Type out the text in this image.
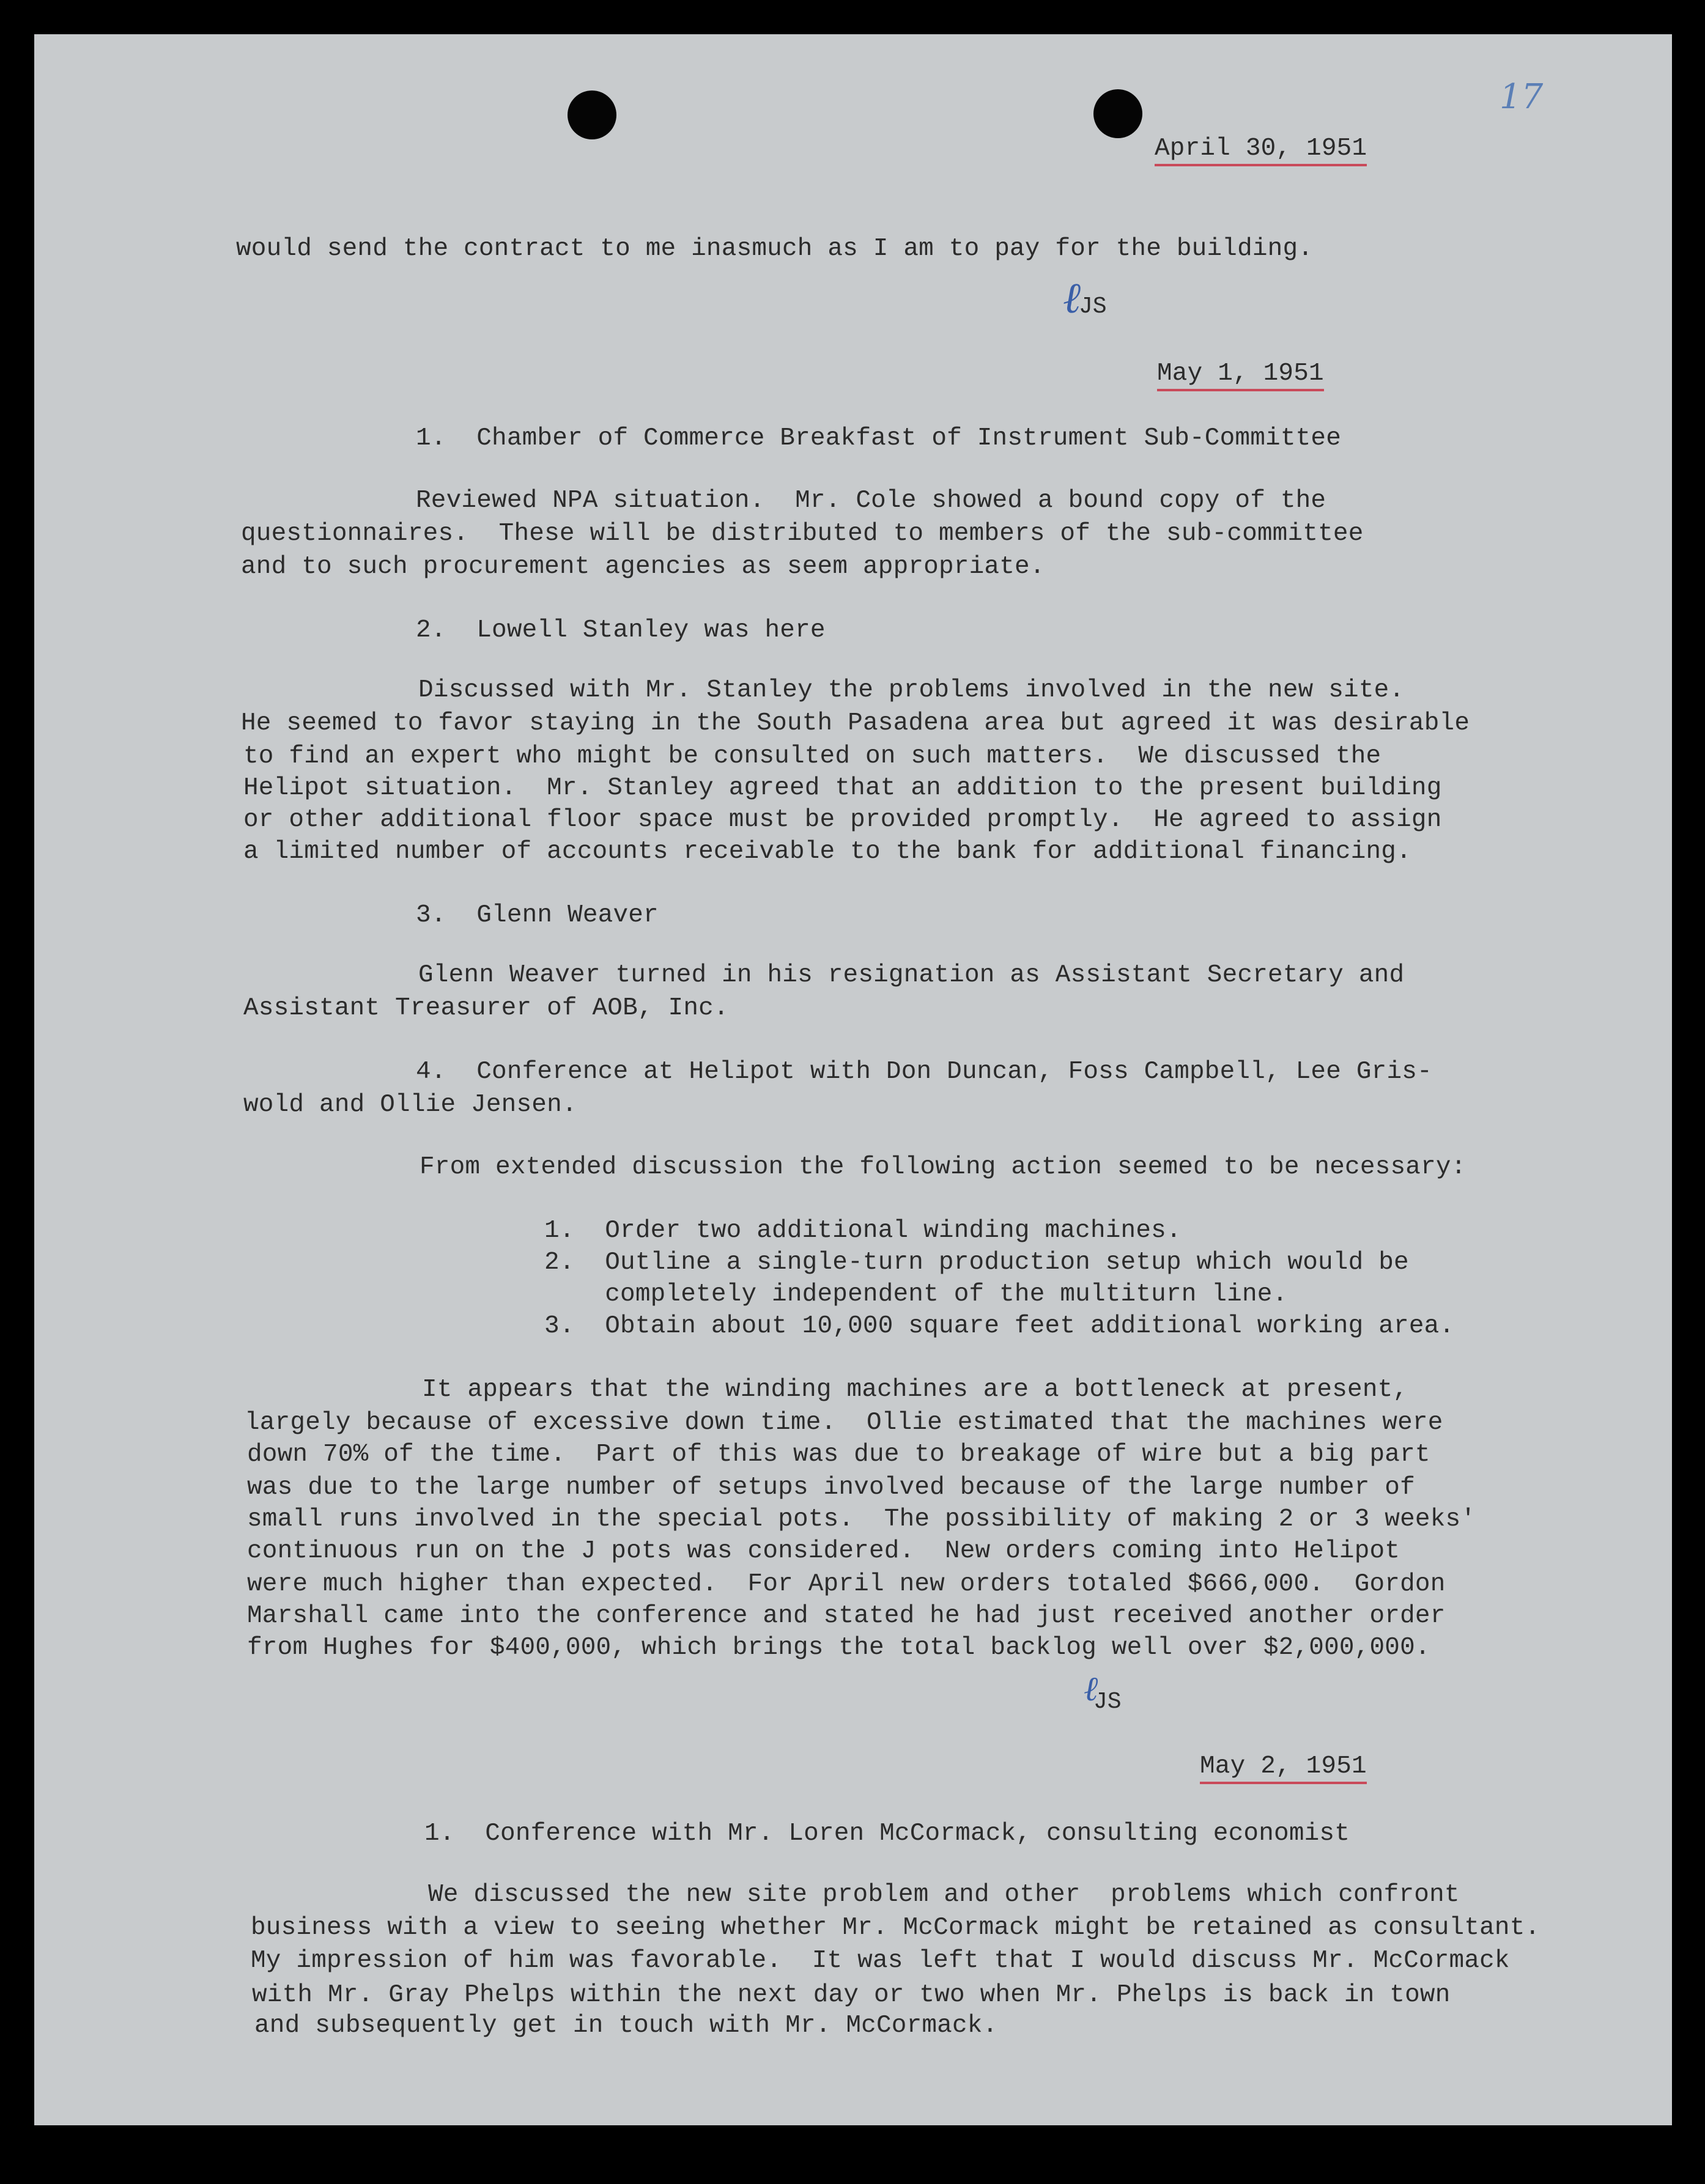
17
April 30, 1951
would send the contract to me inasmuch as I am to pay for the building.
ℓ
JS
May 1, 1951
1.  Chamber of Commerce Breakfast of Instrument Sub-Committee
Reviewed NPA situation.  Mr. Cole showed a bound copy of the
questionnaires.  These will be distributed to members of the sub-committee
and to such procurement agencies as seem appropriate.
2.  Lowell Stanley was here
Discussed with Mr. Stanley the problems involved in the new site.
He seemed to favor staying in the South Pasadena area but agreed it was desirable
to find an expert who might be consulted on such matters.  We discussed the
Helipot situation.  Mr. Stanley agreed that an addition to the present building
or other additional floor space must be provided promptly.  He agreed to assign
a limited number of accounts receivable to the bank for additional financing.
3.  Glenn Weaver
Glenn Weaver turned in his resignation as Assistant Secretary and
Assistant Treasurer of AOB, Inc.
4.  Conference at Helipot with Don Duncan, Foss Campbell, Lee Gris-
wold and Ollie Jensen.
From extended discussion the following action seemed to be necessary:
1.  Order two additional winding machines.
2.  Outline a single-turn production setup which would be
completely independent of the multiturn line.
3.  Obtain about 10,000 square feet additional working area.
It appears that the winding machines are a bottleneck at present,
largely because of excessive down time.  Ollie estimated that the machines were
down 70% of the time.  Part of this was due to breakage of wire but a big part
was due to the large number of setups involved because of the large number of
small runs involved in the special pots.  The possibility of making 2 or 3 weeks'
continuous run on the J pots was considered.  New orders coming into Helipot
were much higher than expected.  For April new orders totaled $666,000.  Gordon
Marshall came into the conference and stated he had just received another order
from Hughes for $400,000, which brings the total backlog well over $2,000,000.
ℓ
JS
May 2, 1951
1.  Conference with Mr. Loren McCormack, consulting economist
We discussed the new site problem and other  problems which confront
business with a view to seeing whether Mr. McCormack might be retained as consultant.
My impression of him was favorable.  It was left that I would discuss Mr. McCormack
with Mr. Gray Phelps within the next day or two when Mr. Phelps is back in town
and subsequently get in touch with Mr. McCormack.
